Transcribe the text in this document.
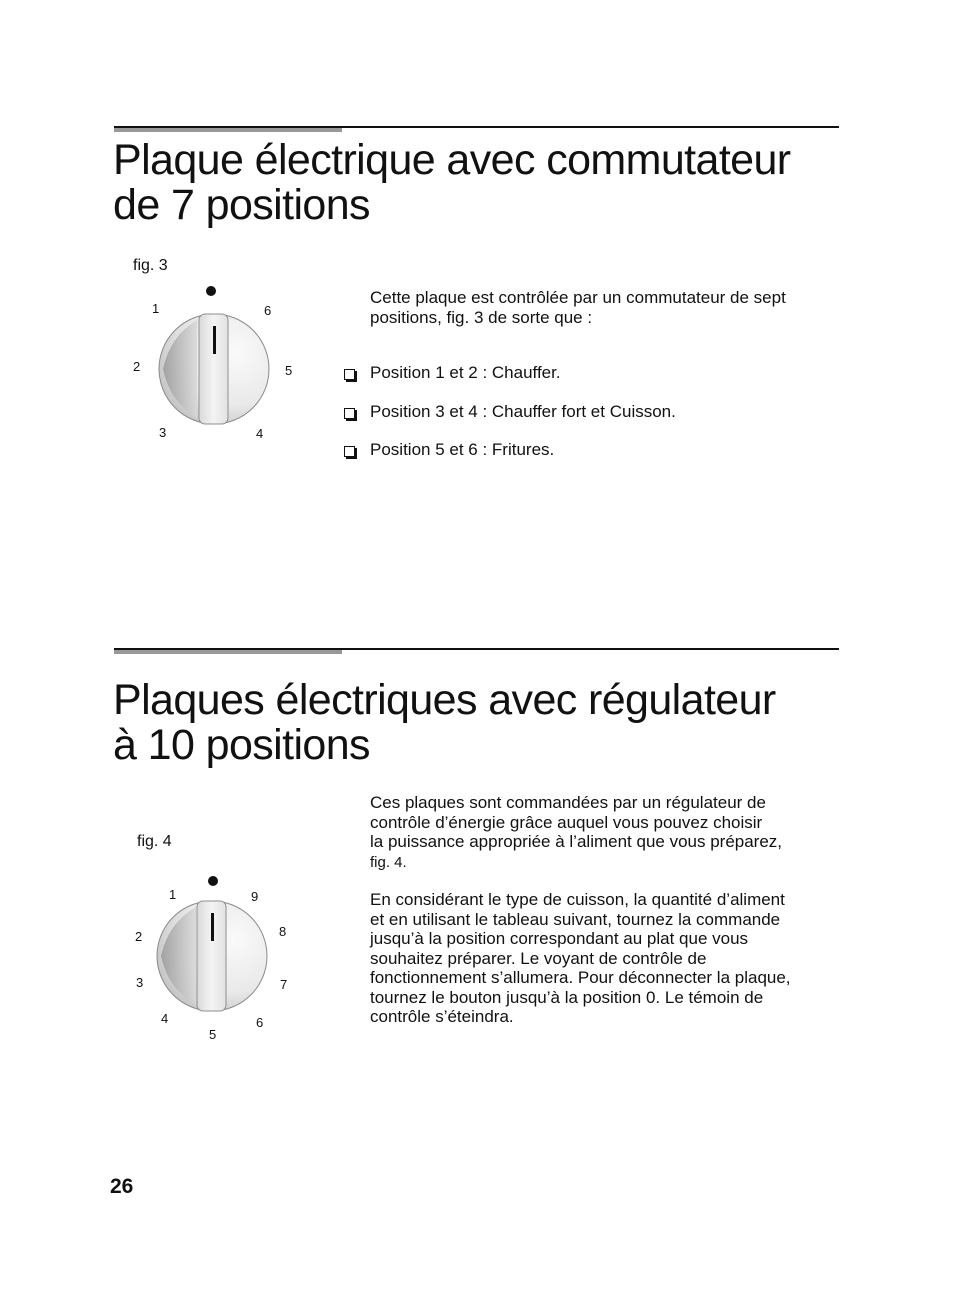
Plaque électrique avec commutateur
de 7 positions
fig. 3
1	6
2	5
3	4

Cette plaque est contrôlée par un commutateur de sept
positions, fig. 3 de sorte que :

Position 1 et 2 : Chauffer.
Position 3 et 4 : Chauffer fort et Cuisson.
Position 5 et 6 : Fritures.
Plaques électriques avec régulateur
à 10 positions
fig. 4
1	9
2	8
3	7
4	6
5

Ces plaques sont commandées par un régulateur de
contrôle d’énergie grâce auquel vous pouvez choisir
la puissance appropriée à l’aliment que vous préparez,
fig. 4.

En considérant le type de cuisson, la quantité d’aliment
et en utilisant le tableau suivant, tournez la commande
jusqu’à la position correspondant au plat que vous
souhaitez préparer. Le voyant de contrôle de
fonctionnement s’allumera. Pour déconnecter la plaque,
tournez le bouton jusqu’à la position 0. Le témoin de
contrôle s’éteindra.

26
